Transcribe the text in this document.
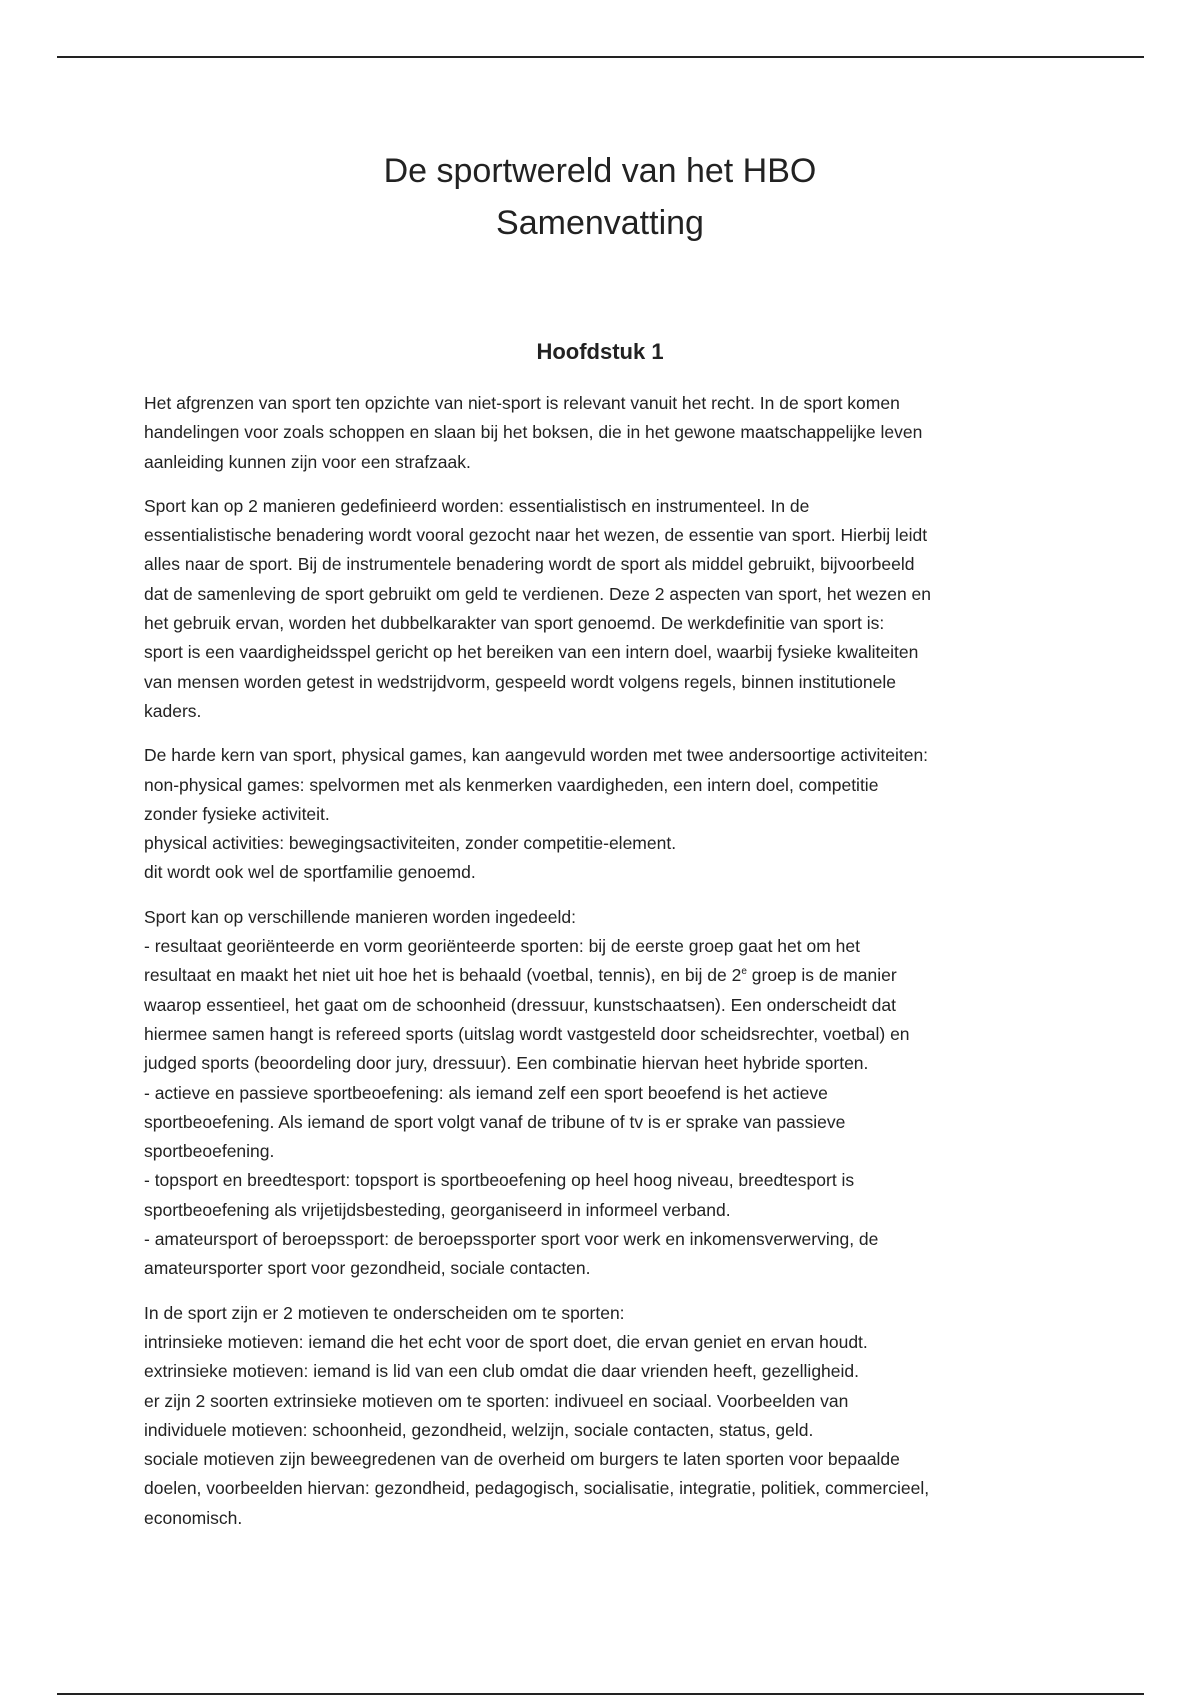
De sportwereld van het HBO
Samenvatting
Hoofdstuk 1

Het afgrenzen van sport ten opzichte van niet-sport is relevant vanuit het recht. In de sport komen
handelingen voor zoals schoppen en slaan bij het boksen, die in het gewone maatschappelijke leven
aanleiding kunnen zijn voor een strafzaak.

Sport kan op 2 manieren gedefinieerd worden: essentialistisch en instrumenteel. In de
essentialistische benadering wordt vooral gezocht naar het wezen, de essentie van sport. Hierbij leidt
alles naar de sport. Bij de instrumentele benadering wordt de sport als middel gebruikt, bijvoorbeeld
dat de samenleving de sport gebruikt om geld te verdienen. Deze 2 aspecten van sport, het wezen en
het gebruik ervan, worden het dubbelkarakter van sport genoemd. De werkdefinitie van sport is:
sport is een vaardigheidsspel gericht op het bereiken van een intern doel, waarbij fysieke kwaliteiten
van mensen worden getest in wedstrijdvorm, gespeeld wordt volgens regels, binnen institutionele
kaders.

De harde kern van sport, physical games, kan aangevuld worden met twee andersoortige activiteiten:
non-physical games: spelvormen met als kenmerken vaardigheden, een intern doel, competitie
zonder fysieke activiteit.
physical activities: bewegingsactiviteiten, zonder competitie-element.
dit wordt ook wel de sportfamilie genoemd.

Sport kan op verschillende manieren worden ingedeeld:
- resultaat georiënteerde en vorm georiënteerde sporten: bij de eerste groep gaat het om het
resultaat en maakt het niet uit hoe het is behaald (voetbal, tennis), en bij de 2e groep is de manier
waarop essentieel, het gaat om de schoonheid (dressuur, kunstschaatsen). Een onderscheidt dat
hiermee samen hangt is refereed sports (uitslag wordt vastgesteld door scheidsrechter, voetbal) en
judged sports (beoordeling door jury, dressuur). Een combinatie hiervan heet hybride sporten.
- actieve en passieve sportbeoefening: als iemand zelf een sport beoefend is het actieve
sportbeoefening. Als iemand de sport volgt vanaf de tribune of tv is er sprake van passieve
sportbeoefening.
- topsport en breedtesport: topsport is sportbeoefening op heel hoog niveau, breedtesport is
sportbeoefening als vrijetijdsbesteding, georganiseerd in informeel verband.
- amateursport of beroepssport: de beroepssporter sport voor werk en inkomensverwerving, de
amateursporter sport voor gezondheid, sociale contacten.

In de sport zijn er 2 motieven te onderscheiden om te sporten:
intrinsieke motieven: iemand die het echt voor de sport doet, die ervan geniet en ervan houdt.
extrinsieke motieven: iemand is lid van een club omdat die daar vrienden heeft, gezelligheid.
er zijn 2 soorten extrinsieke motieven om te sporten: indivueel en sociaal. Voorbeelden van
individuele motieven: schoonheid, gezondheid, welzijn, sociale contacten, status, geld.
sociale motieven zijn beweegredenen van de overheid om burgers te laten sporten voor bepaalde
doelen, voorbeelden hiervan: gezondheid, pedagogisch, socialisatie, integratie, politiek, commercieel,
economisch.
